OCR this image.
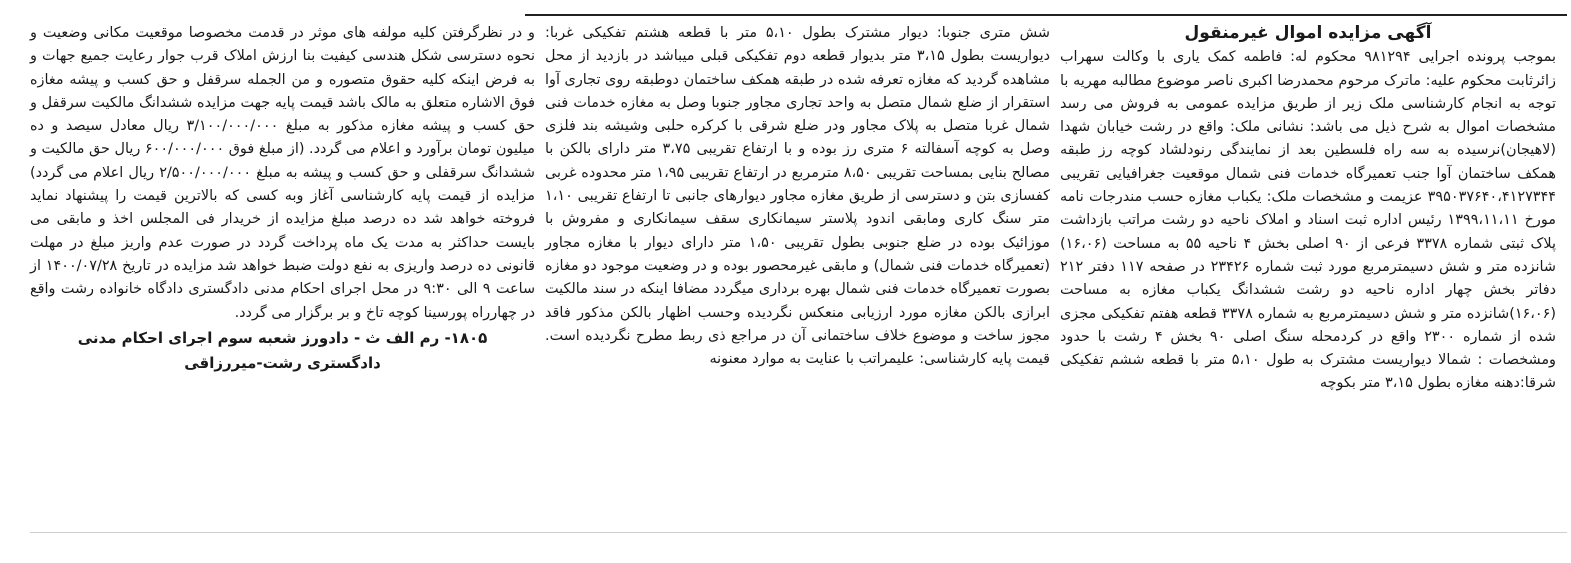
آگهی مزایده اموال غیرمنقول

بموجب پرونده اجرایی ۹۸۱۲۹۴ محکوم له: فاطمه کمک یاری با وکالت سهراب زائرثابت محکوم علیه: ماترک مرحوم محمدرضا اکبری ناصر موضوع مطالبه مهریه با توجه به انجام کارشناسی ملک زیر از طریق مزایده عمومی به فروش می رسد مشخصات اموال به شرح ذیل می باشد: نشانی ملک: واقع در رشت خیابان شهدا (لاهیجان)نرسیده به سه راه فلسطین بعد از نمایندگی رنودلشاد کوچه رز طبقه همکف ساختمان آوا جنب تعمیرگاه خدمات فنی شمال موقعیت جغرافیایی تقریبی ۳۹۵۰۳۷۶۴۰،۴۱۲۷۳۴۴ عزیمت و مشخصات ملک: یکباب مغازه حسب مندرجات نامه مورخ ۱۳۹۹،۱۱،۱۱ رئیس اداره ثبت اسناد و املاک ناحیه دو رشت مراتب بازداشت پلاک ثبتی شماره ۳۳۷۸ فرعی از ۹۰ اصلی بخش ۴ ناحیه ۵۵ به مساحت (۱۶،۰۶) شانزده متر و شش دسیمترمربع مورد ثبت شماره ۲۳۴۲۶ در صفحه ۱۱۷ دفتر ۲۱۲ دفاتر بخش چهار اداره ناحیه دو رشت ششدانگ یکباب مغازه به مساحت (۱۶،۰۶)شانزده متر و شش دسیمترمربع به شماره ۳۳۷۸ قطعه هفتم تفکیکی مجزی شده از شماره ۲۳۰۰ واقع در کردمحله سنگ اصلی ۹۰ بخش ۴ رشت با حدود ومشخصات : شمالا دیواریست مشترک به طول ۵،۱۰ متر با قطعه ششم تفکیکی شرقا:دهنه مغازه بطول ۳،۱۵ متر بکوچه

شش متری جنوبا: دیوار مشترک بطول ۵،۱۰ متر با قطعه هشتم تفکیکی غربا: دیواریست بطول ۳،۱۵ متر بدیوار قطعه دوم تفکیکی قبلی میباشد در بازدید از محل مشاهده گردید که مغازه تعرفه شده در طبقه همکف ساختمان دوطبقه روی تجاری آوا استقرار از ضلع شمال متصل به واحد تجاری مجاور جنوبا وصل به مغازه خدمات فنی شمال غربا متصل به پلاک مجاور ودر ضلع شرقی با کرکره حلبی وشیشه بند فلزی وصل به کوچه آسفالته ۶ متری رز بوده و با ارتفاع تقریبی ۳،۷۵ متر دارای بالکن با مصالح بنایی بمساحت تقریبی ۸،۵۰ مترمربع در ارتفاع تقریبی ۱،۹۵ متر محدوده غربی کفسازی بتن و دسترسی از طریق مغازه مجاور دیوارهای جانبی تا ارتفاع تقریبی ۱،۱۰ متر سنگ کاری ومابقی اندود پلاستر سیمانکاری سقف سیمانکاری و مفروش با موزائیک بوده در ضلع جنوبی بطول تقریبی ۱،۵۰ متر دارای دیوار با مغازه مجاور (تعمیرگاه خدمات فنی شمال) و مابقی غیرمحصور بوده و در وضعیت موجود دو مغازه بصورت تعمیرگاه خدمات فنی شمال بهره برداری میگردد مضافا اینکه در سند مالکیت ابرازی بالکن مغازه مورد ارزیابی منعکس نگردیده وحسب اظهار بالکن مذکور فاقد مجوز ساخت و موضوع خلاف ساختمانی آن در مراجع ذی ربط مطرح نگردیده است. قیمت پایه کارشناسی: علیمراتب با عنایت به موارد معنونه

و در نظرگرفتن کلیه مولفه های موثر در قدمت مخصوصا موقعیت مکانی وضعیت و نحوه دسترسی شکل هندسی کیفیت بنا ارزش املاک قرب جوار رعایت جمیع جهات و به فرض اینکه کلیه حقوق متصوره و من الجمله سرقفل و حق کسب و پیشه مغازه فوق الاشاره متعلق به مالک باشد قیمت پایه جهت مزایده ششدانگ مالکیت سرقفل و حق کسب و پیشه مغازه مذکور به مبلغ ۳/۱۰۰/۰۰۰/۰۰۰ ریال معادل سیصد و ده میلیون تومان برآورد و اعلام می گردد. (از مبلغ فوق ۶۰۰/۰۰۰/۰۰۰ ریال حق مالکیت و ششدانگ سرقفلی و حق کسب و پیشه به مبلغ ۲/۵۰۰/۰۰۰/۰۰۰ ریال اعلام می گردد) مزایده از قیمت پایه کارشناسی آغاز وبه کسی که بالاترین قیمت را پیشنهاد نماید فروخته خواهد شد ده درصد مبلغ مزایده از خریدار فی المجلس اخذ و مابقی می بایست حداکثر به مدت یک ماه پرداخت گردد در صورت عدم واریز مبلغ در مهلت قانونی ده درصد واریزی به نفع دولت ضبط خواهد شد مزایده در تاریخ ۱۴۰۰/۰۷/۲۸ از ساعت ۹ الی ۹:۳۰ در محل اجرای احکام مدنی دادگستری دادگاه خانواده رشت واقع در چهارراه پورسینا کوچه تاخ و بر برگزار می گردد.

۱۸۰۵- رم الف ث - دادورز شعبه سوم اجرای احکام مدنی
دادگستری رشت-میررزاقی
